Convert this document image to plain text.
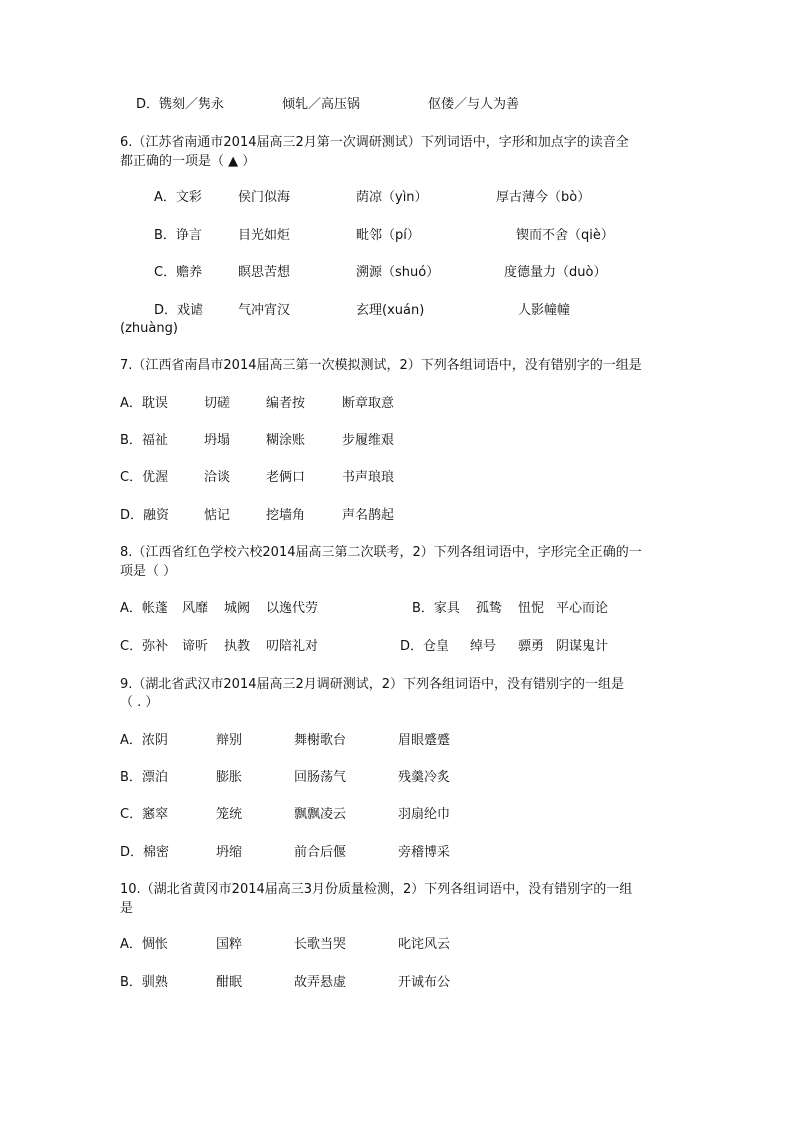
D．镌刻／隽永	倾轧／高压锅	伛偻／与人为善
6.（江苏省南通市2014届高三2月第一次调研测试）下列词语中，字形和加点字的读音全
都正确的一项是（ ▲ ）
A．文彩	侯门似海	荫凉（yìn）	厚古薄今（bò）
B．诤言	目光如炬	毗邻（pí）	锲而不舍（qiè）
C．赡养	瞑思苦想	溯源（shuó）	度德量力（duò）
D．戏谑	气冲宵汉	玄理(xuán)	人影幢幢
(zhuàng)
7.（江西省南昌市2014届高三第一次模拟测试，2）下列各组词语中，没有错别字的一组是
A．耽误	切磋	编者按	断章取意
B．福祉	坍塌	糊涂账	步履维艰
C．优渥	洽谈	老俩口	书声琅琅
D．融资	惦记	挖墙角	声名鹊起
8.（江西省红色学校六校2014届高三第二次联考，2）下列各组词语中，字形完全正确的一
项是（ ）
A．帐蓬 风靡 城阙 以逸代劳	B．家具 孤鸷 忸怩 平心而论
C．弥补 谛听 执教 叨陪礼对	D．仓皇 绰号 骠勇 阴谋鬼计
9.（湖北省武汉市2014届高三2月调研测试，2）下列各组词语中，没有错别字的一组是
（ . ）
A．浓阴	辩别	舞榭歌台	眉眼蹙蹙
B．漂泊	膨胀	回肠荡气	残羹冷炙
C．窸窣	笼统	飘飘凌云	羽扇纶巾
D．棉密	坍缩	前合后偃	旁稽博采
10.（湖北省黄冈市2014届高三3月份质量检测，2）下列各组词语中，没有错别字的一组
是
A．惆怅	国粹	长歌当哭	叱诧风云
B．驯熟	酣眠	故弄悬虚	开诚布公
